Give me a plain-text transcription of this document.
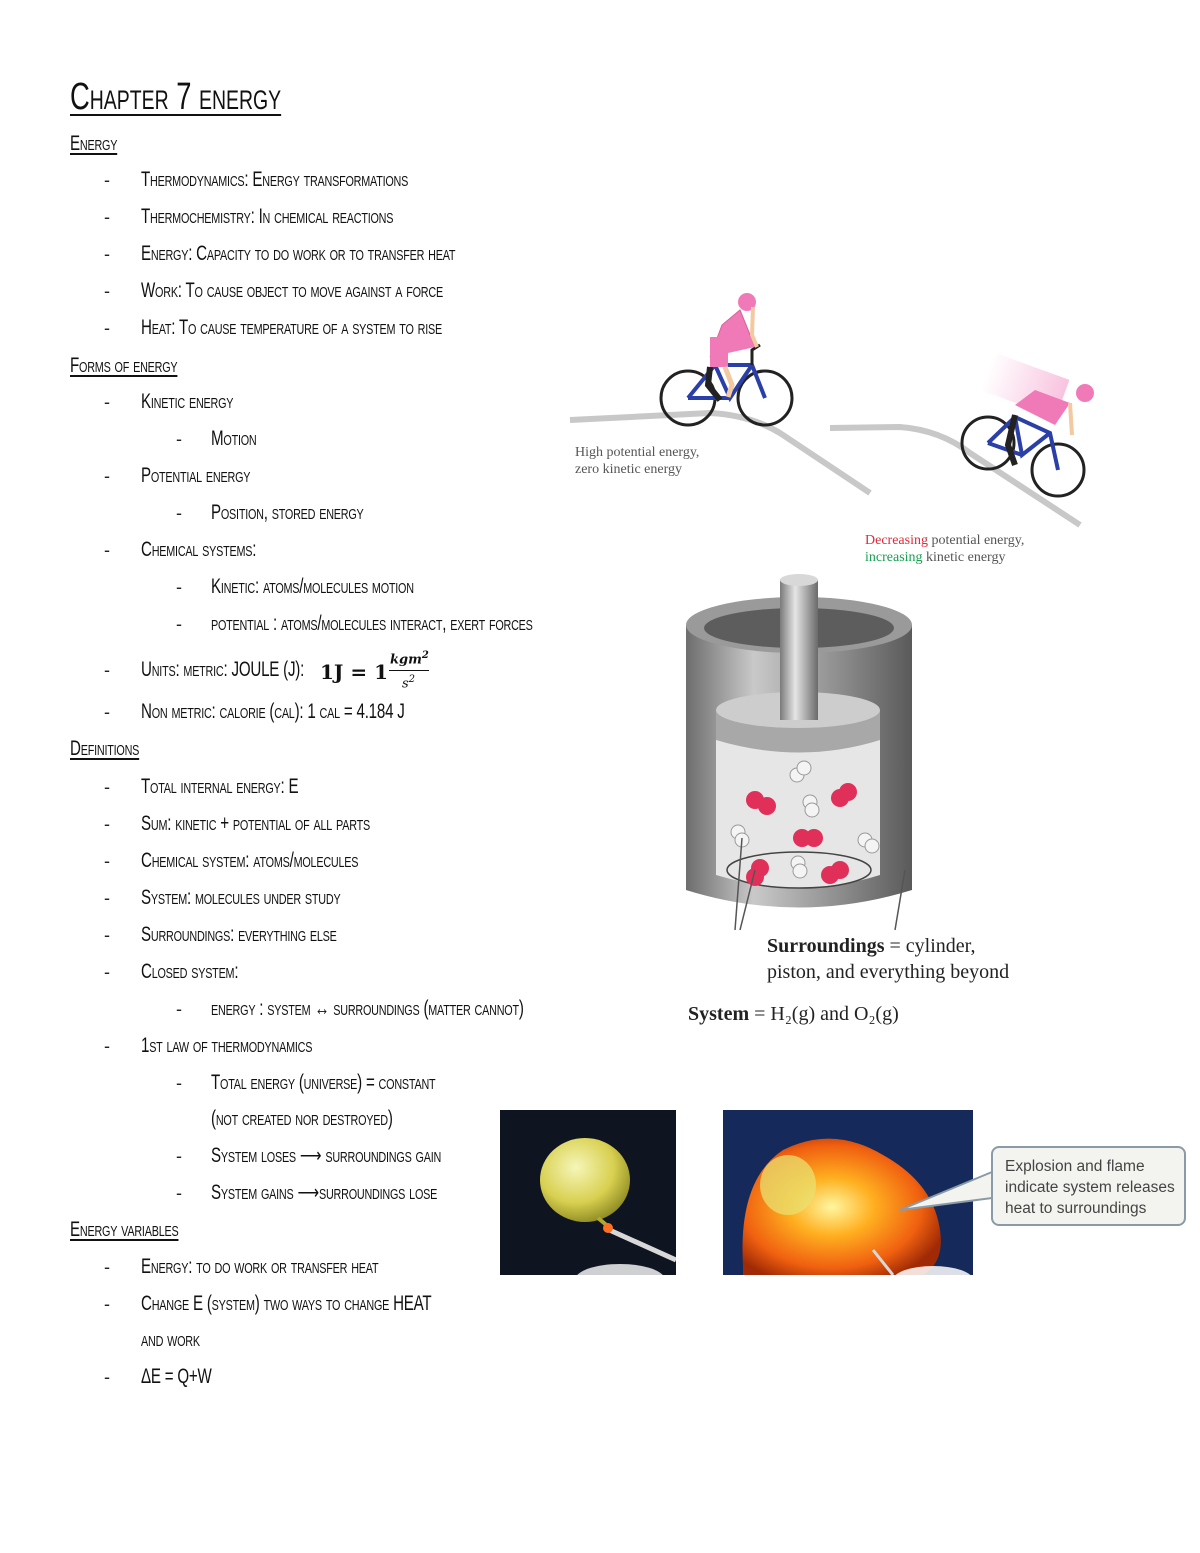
Chapter 7 energy
Energy
- Thermodynamics: Energy transformations
- Thermochemistry: In chemical reactions
- Energy: Capacity to do work or to transfer heat
- Work: To cause object to move against a force
- Heat: To cause temperature of a system to rise
Forms of energy
- Kinetic energy
- Motion
- Potential energy
- Position, stored energy
- Chemical systems:
- Kinetic: atoms/molecules motion
- potential : atoms/molecules interact, exert forces
- Units: metric: JOULE (J): 1J = 1
kgm$^2$
$s^2$
- Non metric: calorie (cal): 1 cal = 4.184 J
Definitions
- Total internal energy: E
- Sum: kinetic + potential of all parts
- Chemical system: atoms/molecules
- System: molecules under study
- Surroundings: everything else
- Closed system:
- energy : system ↔ surroundings (matter cannot)
- 1st law of thermodynamics
- Total energy (universe) = constant
(not created nor destroyed)
- System loses ⟶ surroundings gain
- System gains ⟶surroundings lose
Energy variables
- Energy: to do work or transfer heat
- Change E (system) two ways to change HEAT
and work
- ΔE = Q+W
High potential energy,
zero kinetic energy
Decreasing potential energy,
increasing kinetic energy
Surroundings = cylinder,
piston, and everything beyond
System = H₂(g) and O₂(g)
Explosion and flame
indicate system releases
heat to surroundings
